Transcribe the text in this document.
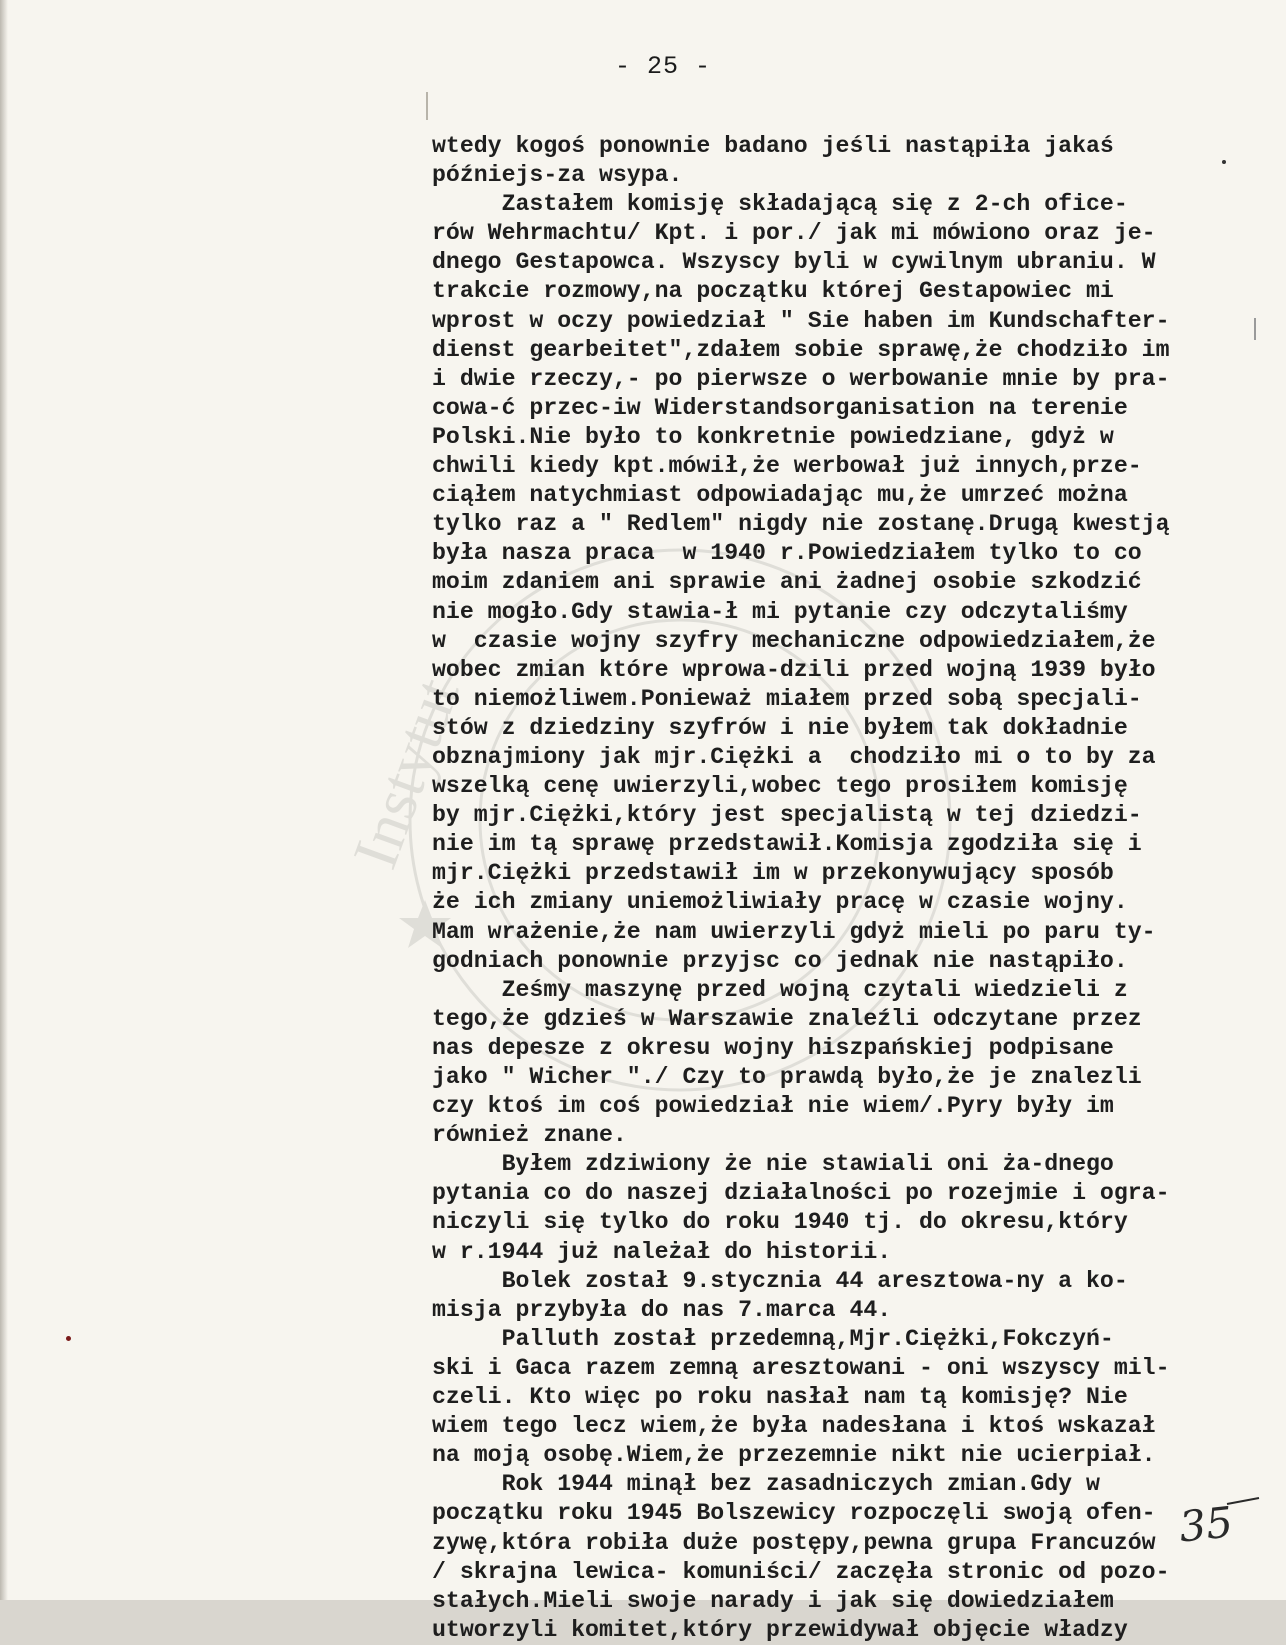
Instytut
- 25 -
wtedy kogoś ponownie badano jeśli nastąpiła jakaś
późniejs-za wsypa.
Zastałem komisję składającą się z 2-ch ofice-
rów Wehrmachtu/ Kpt. i por./ jak mi mówiono oraz je-
dnego Gestapowca. Wszyscy byli w cywilnym ubraniu. W
trakcie rozmowy,na początku której Gestapowiec mi
wprost w oczy powiedział " Sie haben im Kundschafter-
dienst gearbeitet",zdałem sobie sprawę,że chodziło im
i dwie rzeczy,- po pierwsze o werbowanie mnie by pra-
cowa-ć przec-iw Widerstandsorganisation na terenie
Polski.Nie było to konkretnie powiedziane, gdyż w
chwili kiedy kpt.mówił,że werbował już innych,prze-
ciąłem natychmiast odpowiadając mu,że umrzeć można
tylko raz a " Redlem" nigdy nie zostanę.Drugą kwestją
była nasza praca  w 1940 r.Powiedziałem tylko to co
moim zdaniem ani sprawie ani żadnej osobie szkodzić
nie mogło.Gdy stawia-ł mi pytanie czy odczytaliśmy
w  czasie wojny szyfry mechaniczne odpowiedziałem,że
wobec zmian które wprowa-dzili przed wojną 1939 było
to niemożliwem.Ponieważ miałem przed sobą specjali-
stów z dziedziny szyfrów i nie byłem tak dokładnie
obznajmiony jak mjr.Ciężki a  chodziło mi o to by za
wszelką cenę uwierzyli,wobec tego prosiłem komisję
by mjr.Ciężki,który jest specjalistą w tej dziedzi-
nie im tą sprawę przedstawił.Komisja zgodziła się i
mjr.Ciężki przedstawił im w przekonywujący sposób
że ich zmiany uniemożliwiały pracę w czasie wojny.
Mam wrażenie,że nam uwierzyli gdyż mieli po paru ty-
godniach ponownie przyjsc co jednak nie nastąpiło.
Ześmy maszynę przed wojną czytali wiedzieli z
tego,że gdzieś w Warszawie znaleźli odczytane przez
nas depesze z okresu wojny hiszpańskiej podpisane
jako " Wicher "./ Czy to prawdą było,że je znalezli
czy ktoś im coś powiedział nie wiem/.Pyry były im
również znane.
Byłem zdziwiony że nie stawiali oni ża-dnego
pytania co do naszej działalności po rozejmie i ogra-
niczyli się tylko do roku 1940 tj. do okresu,który
w r.1944 już należał do historii.
Bolek został 9.stycznia 44 aresztowa-ny a ko-
misja przybyła do nas 7.marca 44.
Palluth został przedemną,Mjr.Ciężki,Fokczyń-
ski i Gaca razem zemną aresztowani - oni wszyscy mil-
czeli. Kto więc po roku nasłał nam tą komisję? Nie
wiem tego lecz wiem,że była nadesłana i ktoś wskazał
na moją osobę.Wiem,że przezemnie nikt nie ucierpiał.
Rok 1944 minął bez zasadniczych zmian.Gdy w
początku roku 1945 Bolszewicy rozpoczęli swoją ofen-
zywę,która robiła duże postępy,pewna grupa Francuzów
/ skrajna lewica- komuniści/ zaczęła stronic od pozo-
stałych.Mieli swoje narady i jak się dowiedziałem
utworzyli komitet,który przewidywał objęcie władzy
35
